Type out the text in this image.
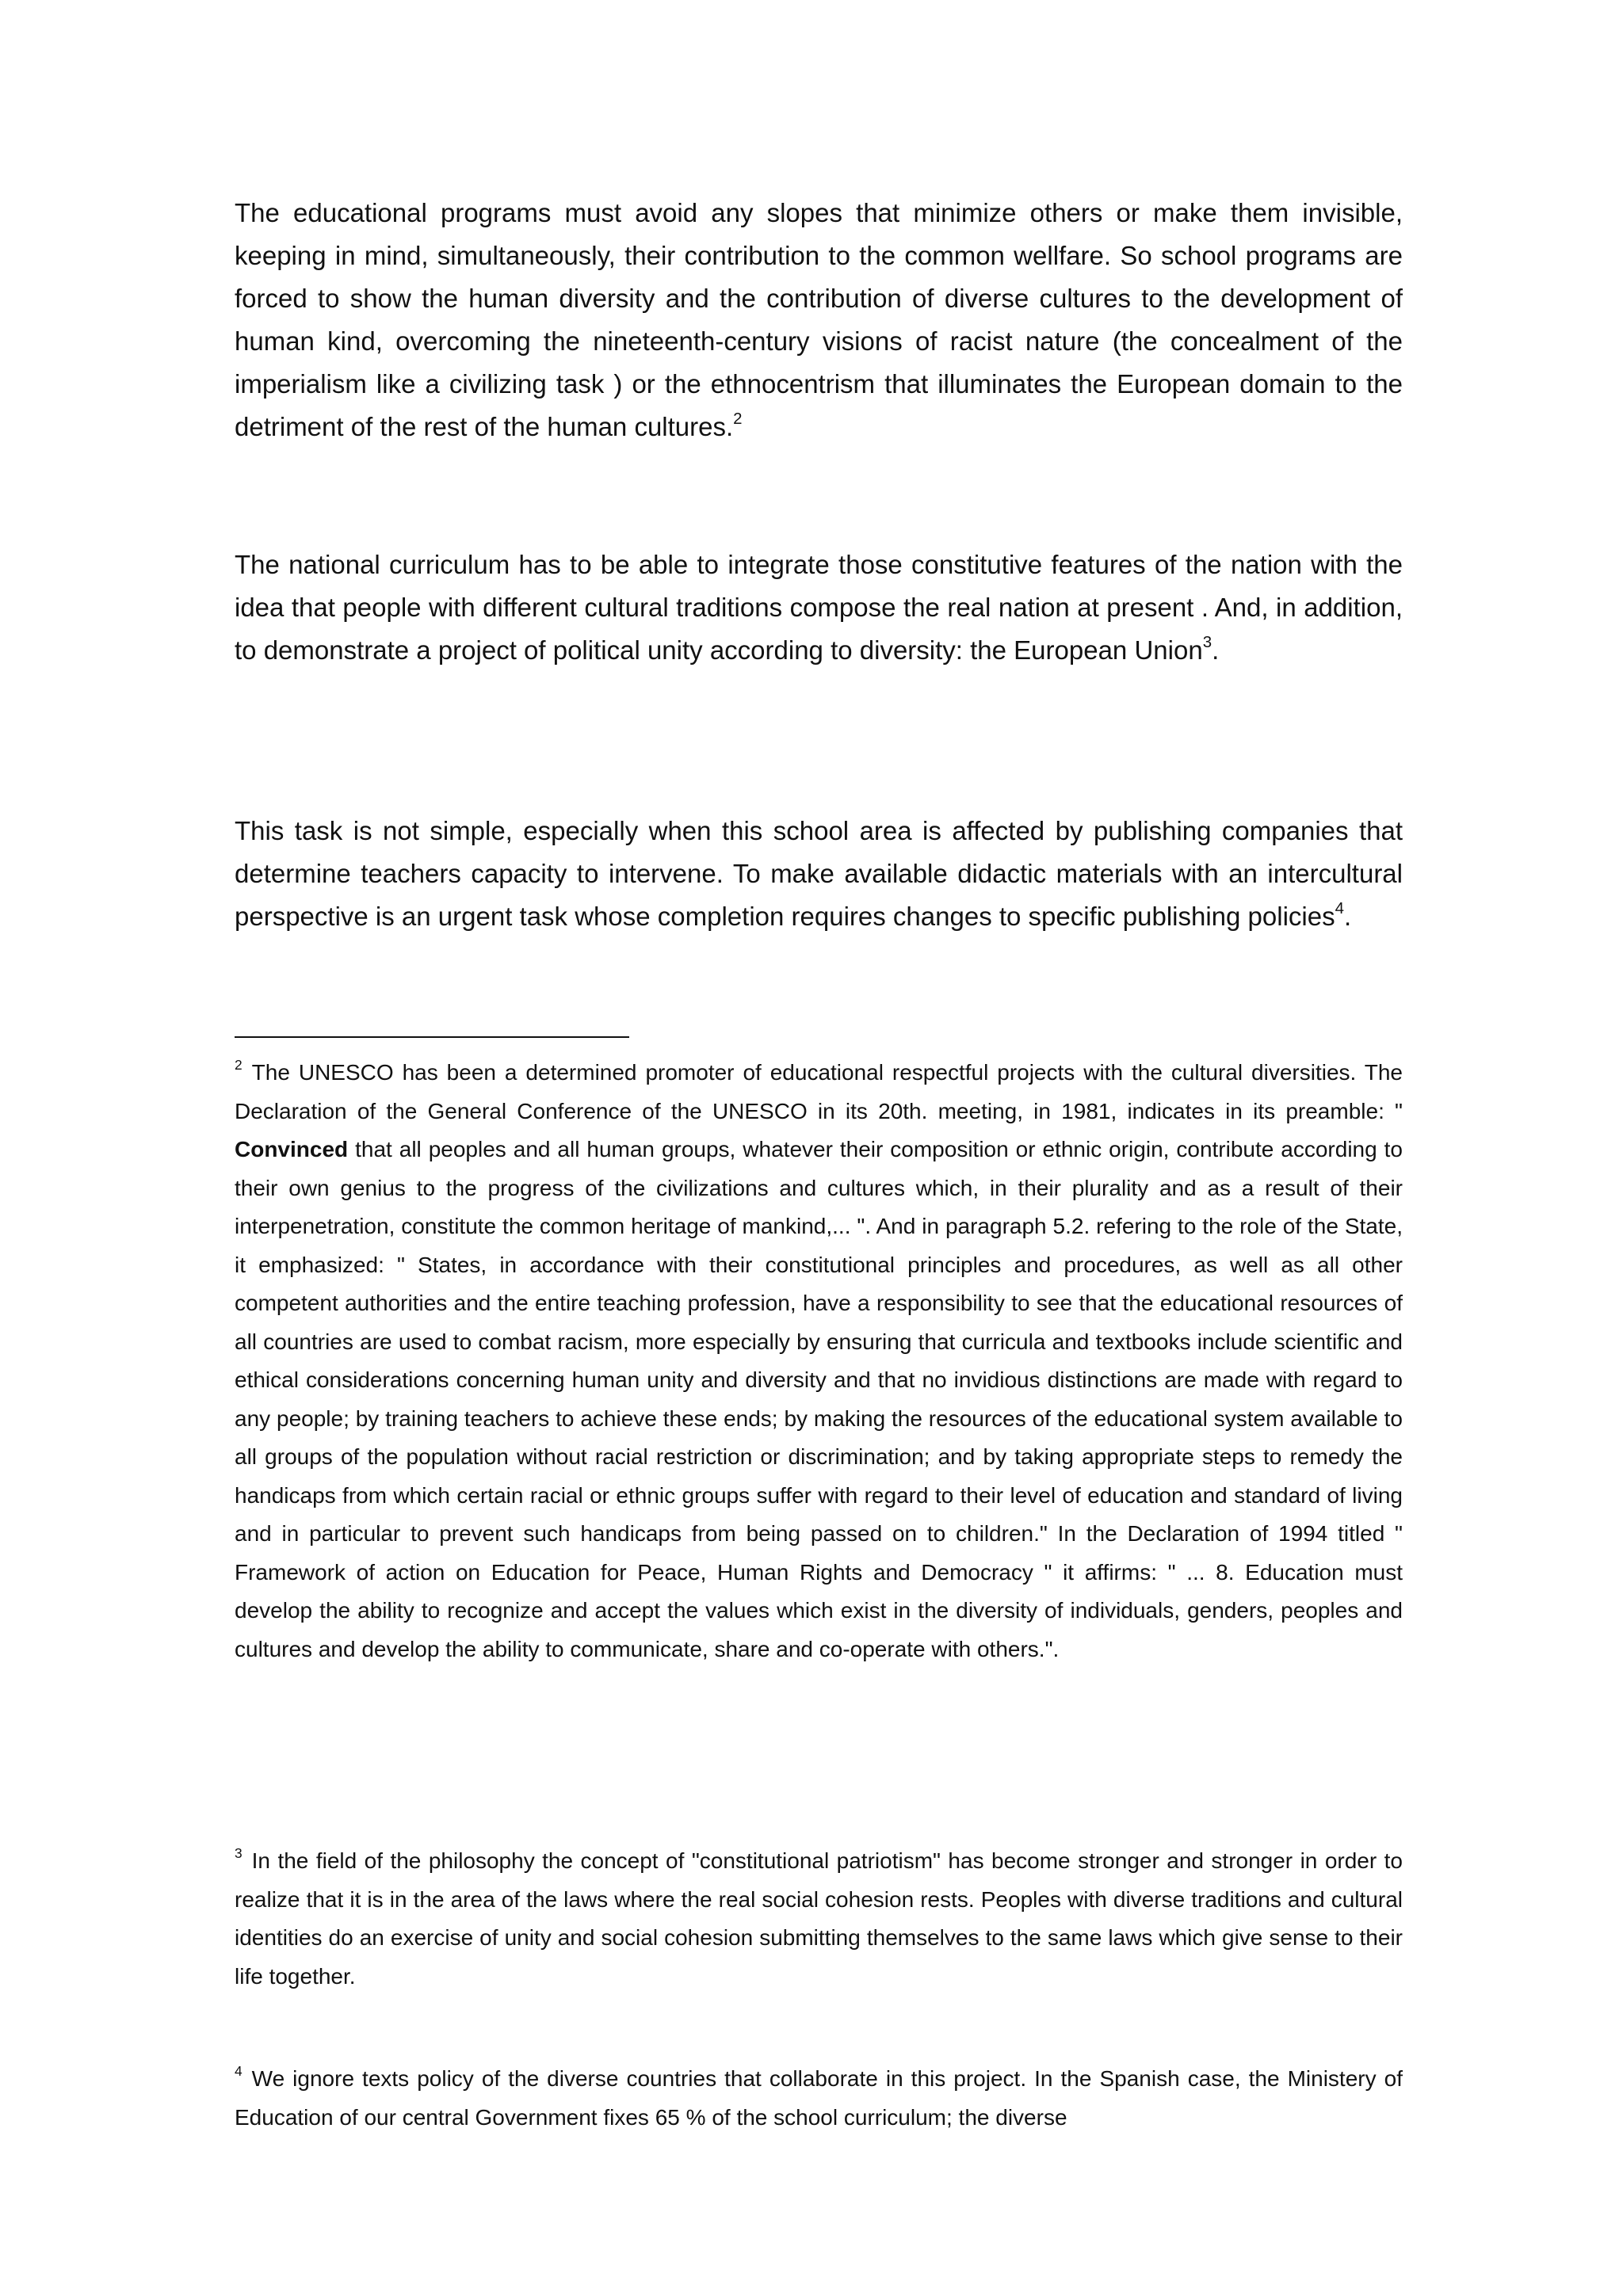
The educational programs must avoid any slopes that minimize others or make them invisible, keeping in mind, simultaneously, their contribution to the common wellfare. So school programs are forced to show the human diversity and the contribution of diverse cultures to the development of human kind, overcoming the nineteenth-century visions of racist nature (the concealment of the imperialism like a civilizing task ) or the ethnocentrism that illuminates the European domain to the detriment of the rest of the human cultures.$^2$

The national curriculum has to be able to integrate those constitutive features of the nation with the idea that people with different cultural traditions compose the real nation at present . And, in addition, to demonstrate a project of political unity according to diversity: the European Union$^3$.

This task is not simple, especially when this school area is affected by publishing companies that determine teachers capacity to intervene. To make available didactic materials with an intercultural perspective is an urgent task whose completion requires changes to specific publishing policies$^4$.

$^2$ The UNESCO has been a determined promoter of educational respectful projects with the cultural diversities. The Declaration of the General Conference of the UNESCO in its 20th. meeting, in 1981, indicates in its preamble: " Convinced that all peoples and all human groups, whatever their composition or ethnic origin, contribute according to their own genius to the progress of the civilizations and cultures which, in their plurality and as a result of their interpenetration, constitute the common heritage of mankind,... ". And in paragraph 5.2. refering to the role of the State, it emphasized: " States, in accordance with their constitutional principles and procedures, as well as all other competent authorities and the entire teaching profession, have a responsibility to see that the educational resources of all countries are used to combat racism, more especially by ensuring that curricula and textbooks include scientific and ethical considerations concerning human unity and diversity and that no invidious distinctions are made with regard to any people; by training teachers to achieve these ends; by making the resources of the educational system available to all groups of the population without racial restriction or discrimination; and by taking appropriate steps to remedy the handicaps from which certain racial or ethnic groups suffer with regard to their level of education and standard of living and in particular to prevent such handicaps from being passed on to children." In the Declaration of 1994 titled " Framework of action on Education for Peace, Human Rights and Democracy " it affirms: " ... 8. Education must develop the ability to recognize and accept the values which exist in the diversity of individuals, genders, peoples and cultures and develop the ability to communicate, share and co-operate with others.".

$^3$ In the field of the philosophy the concept of "constitutional patriotism" has become stronger and stronger in order to realize that it is in the area of the laws where the real social cohesion rests. Peoples with diverse traditions and cultural identities do an exercise of unity and social cohesion submitting themselves to the same laws which give sense to their life together.

$^4$ We ignore texts policy of the diverse countries that collaborate in this project. In the Spanish case, the Ministery of Education of our central Government fixes 65 % of the school curriculum; the diverse
